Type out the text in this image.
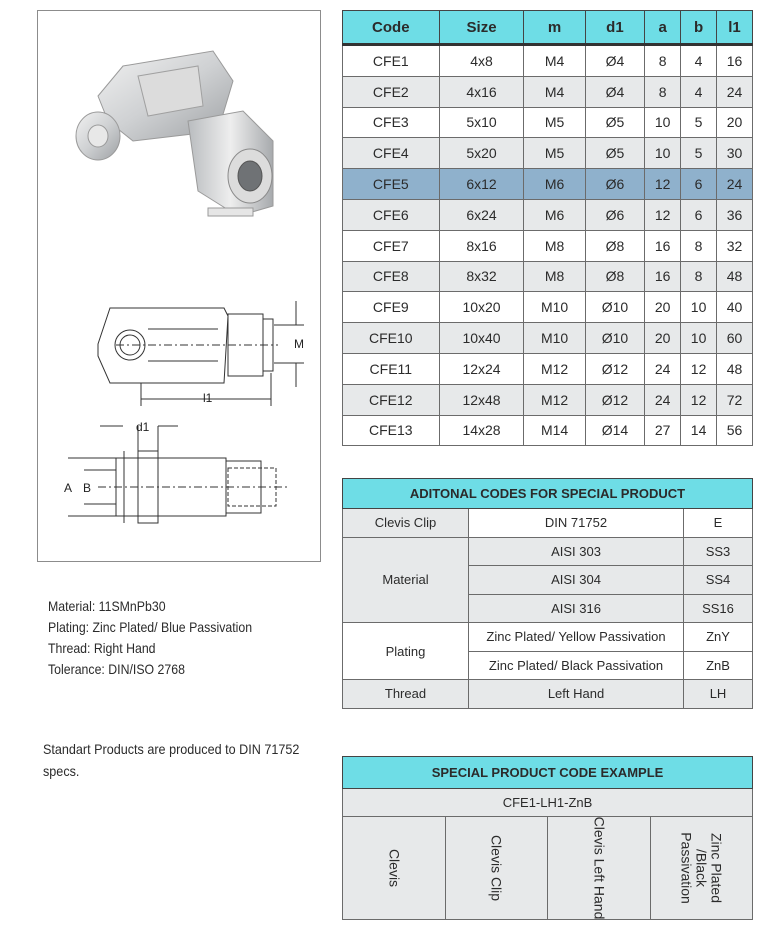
M
l1
d1
A B
Material: 11SMnPb30
Plating: Zinc Plated/ Blue Passivation
Thread: Right Hand
Tolerance: DIN/ISO 2768
Standart Products are produced to DIN 71752 specs.
Code	Size	m	d1	a	b	l1
CFE1	4x8	M4	Ø4	8	4	16
CFE2	4x16	M4	Ø4	8	4	24
CFE3	5x10	M5	Ø5	10	5	20
CFE4	5x20	M5	Ø5	10	5	30
CFE5	6x12	M6	Ø6	12	6	24
CFE6	6x24	M6	Ø6	12	6	36
CFE7	8x16	M8	Ø8	16	8	32
CFE8	8x32	M8	Ø8	16	8	48
CFE9	10x20	M10	Ø10	20	10	40
CFE10	10x40	M10	Ø10	20	10	60
CFE11	12x24	M12	Ø12	24	12	48
CFE12	12x48	M12	Ø12	24	12	72
CFE13	14x28	M14	Ø14	27	14	56
ADITONAL CODES FOR SPECIAL PRODUCT		
Clevis Clip	DIN 71752	E
Material	AISI 303	SS3
	AISI 304	SS4
	AISI 316	SS16
Plating	Zinc Plated/ Yellow Passivation	ZnY
	Zinc Plated/ Black Passivation	ZnB
Thread	Left Hand	LH
SPECIAL PRODUCT CODE EXAMPLE
CFE1-LH1-ZnB

Clevis	Clevis Clip	Clevis Left Hand	Zinc Plated /Black Passivation
